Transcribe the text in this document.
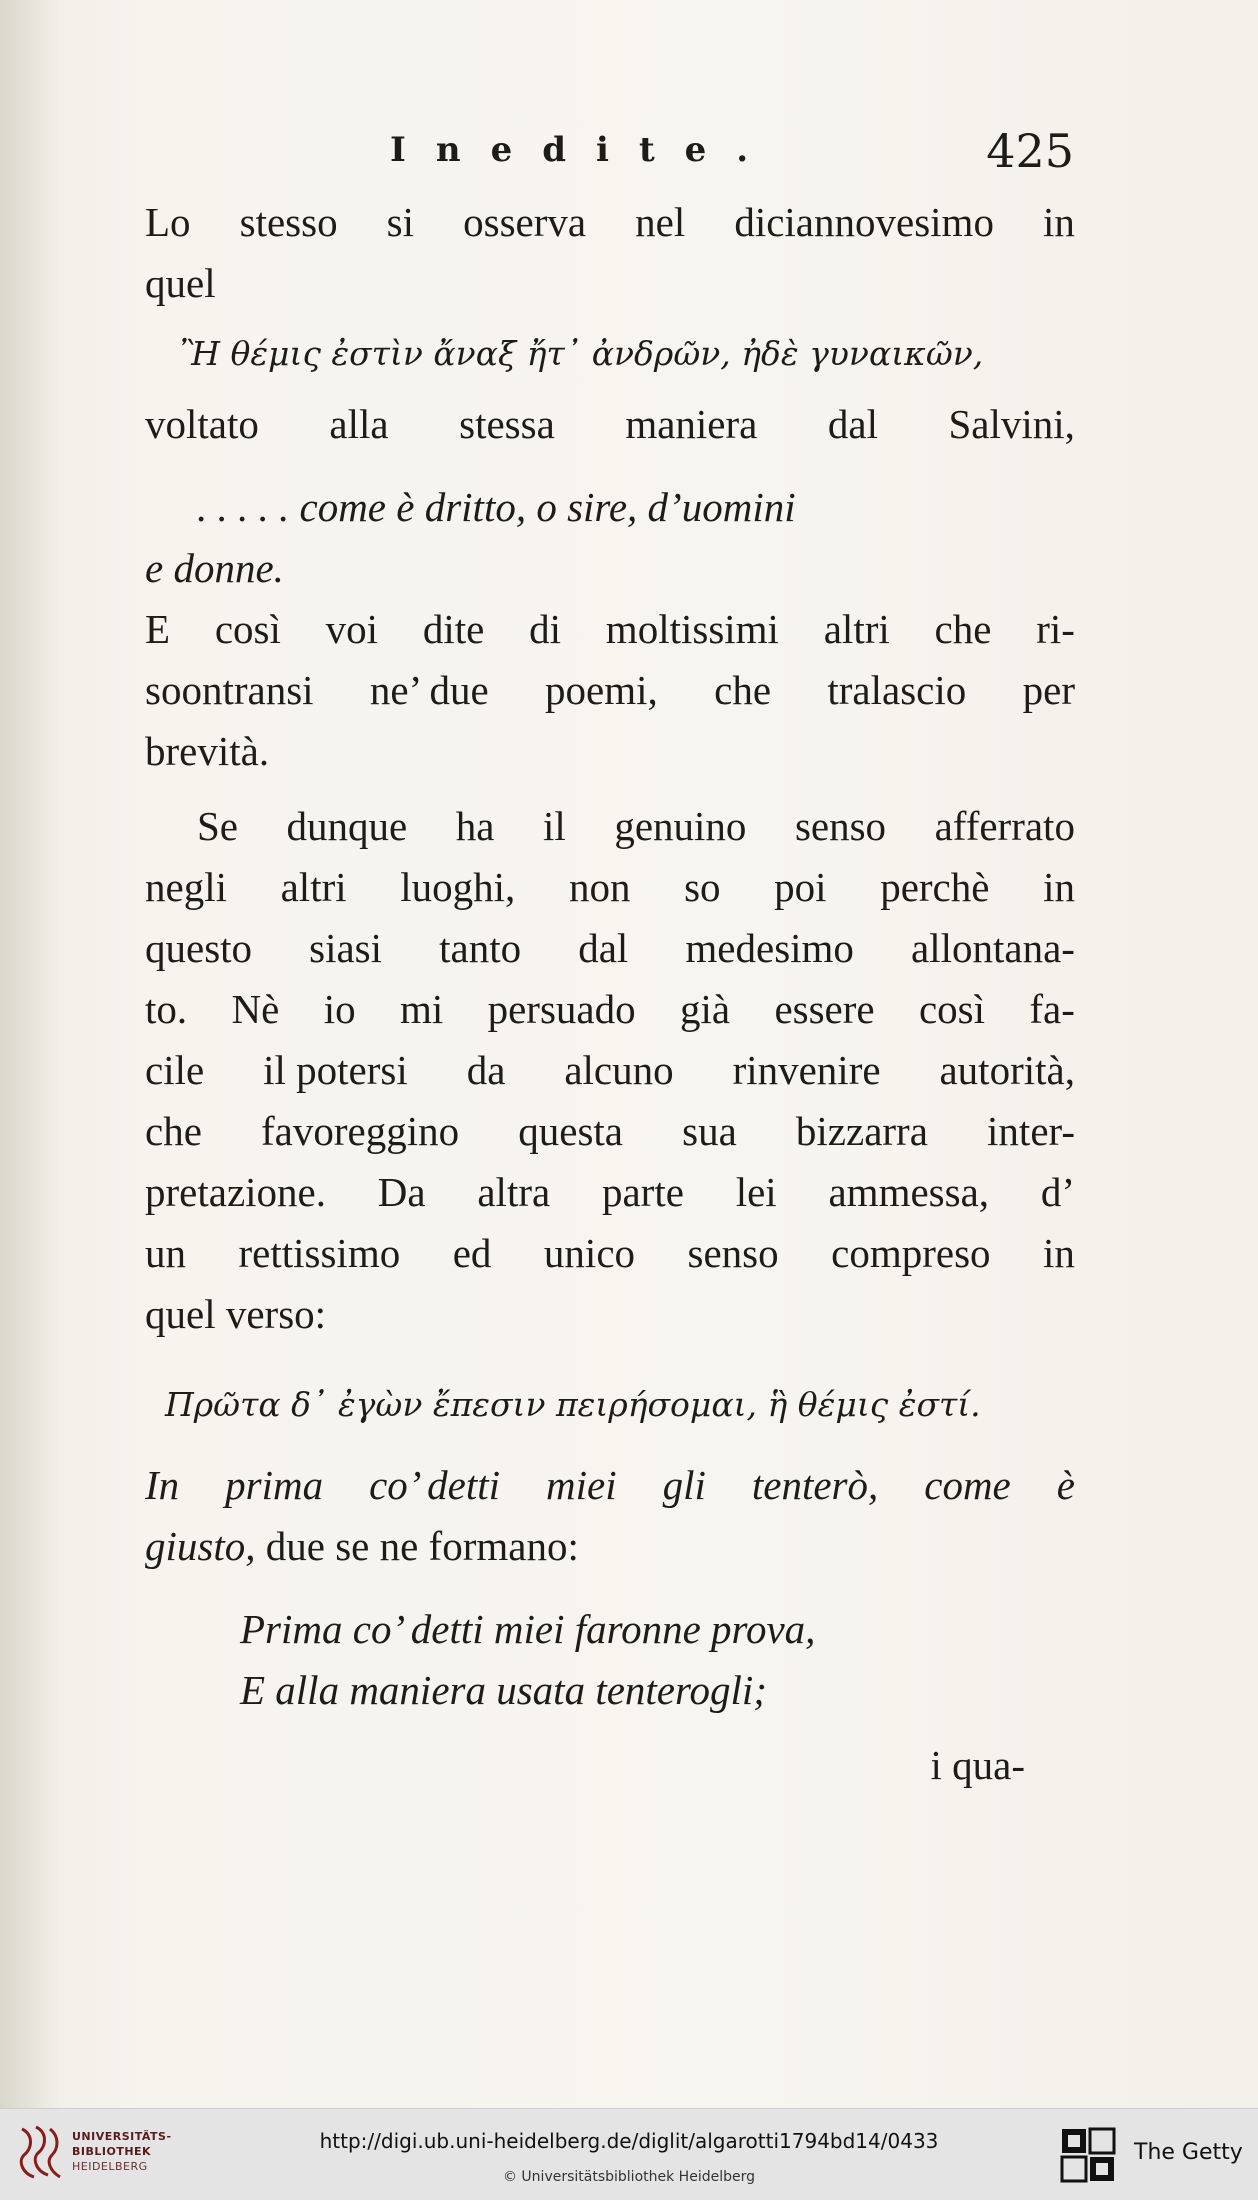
Inedite.	425
Lo stesso si osserva nel diciannovesimo in
quel
Ἢ θέμις ἐστὶν ἄναξ ἤτ᾽ ἀνδρῶν, ἠδὲ γυναικῶν,
voltato alla stessa maniera dal Salvini,
. . . . . come è dritto, o sire, d’uomini
e donne.
E così voi dite di moltissimi altri che ri-
soontransi ne’ due poemi, che tralascio per
brevità.
Se dunque ha il genuino senso afferrato
negli altri luoghi, non so poi perchè in
questo siasi tanto dal medesimo allontana-
to. Nè io mi persuado già essere così fa-
cile il potersi da alcuno rinvenire autorità,
che favoreggino questa sua bizzarra inter-
pretazione. Da altra parte lei ammessa, d’
un rettissimo ed unico senso compreso in
quel verso:
Πρῶτα δ᾽ ἐγὼν ἔπεσιν πειρήσομαι, ἣ θέμις ἐστί.
In prima co’ detti miei gli tenterò, come è
giusto, due se ne formano:
Prima co’ detti miei faronne prova,
E alla maniera usata tenterogli;
i qua-
UNIVERSITÄTS-
BIBLIOTHEK
HEIDELBERG
http://digi.ub.uni-heidelberg.de/diglit/algarotti1794bd14/0433
© Universitätsbibliothek Heidelberg
The Getty
